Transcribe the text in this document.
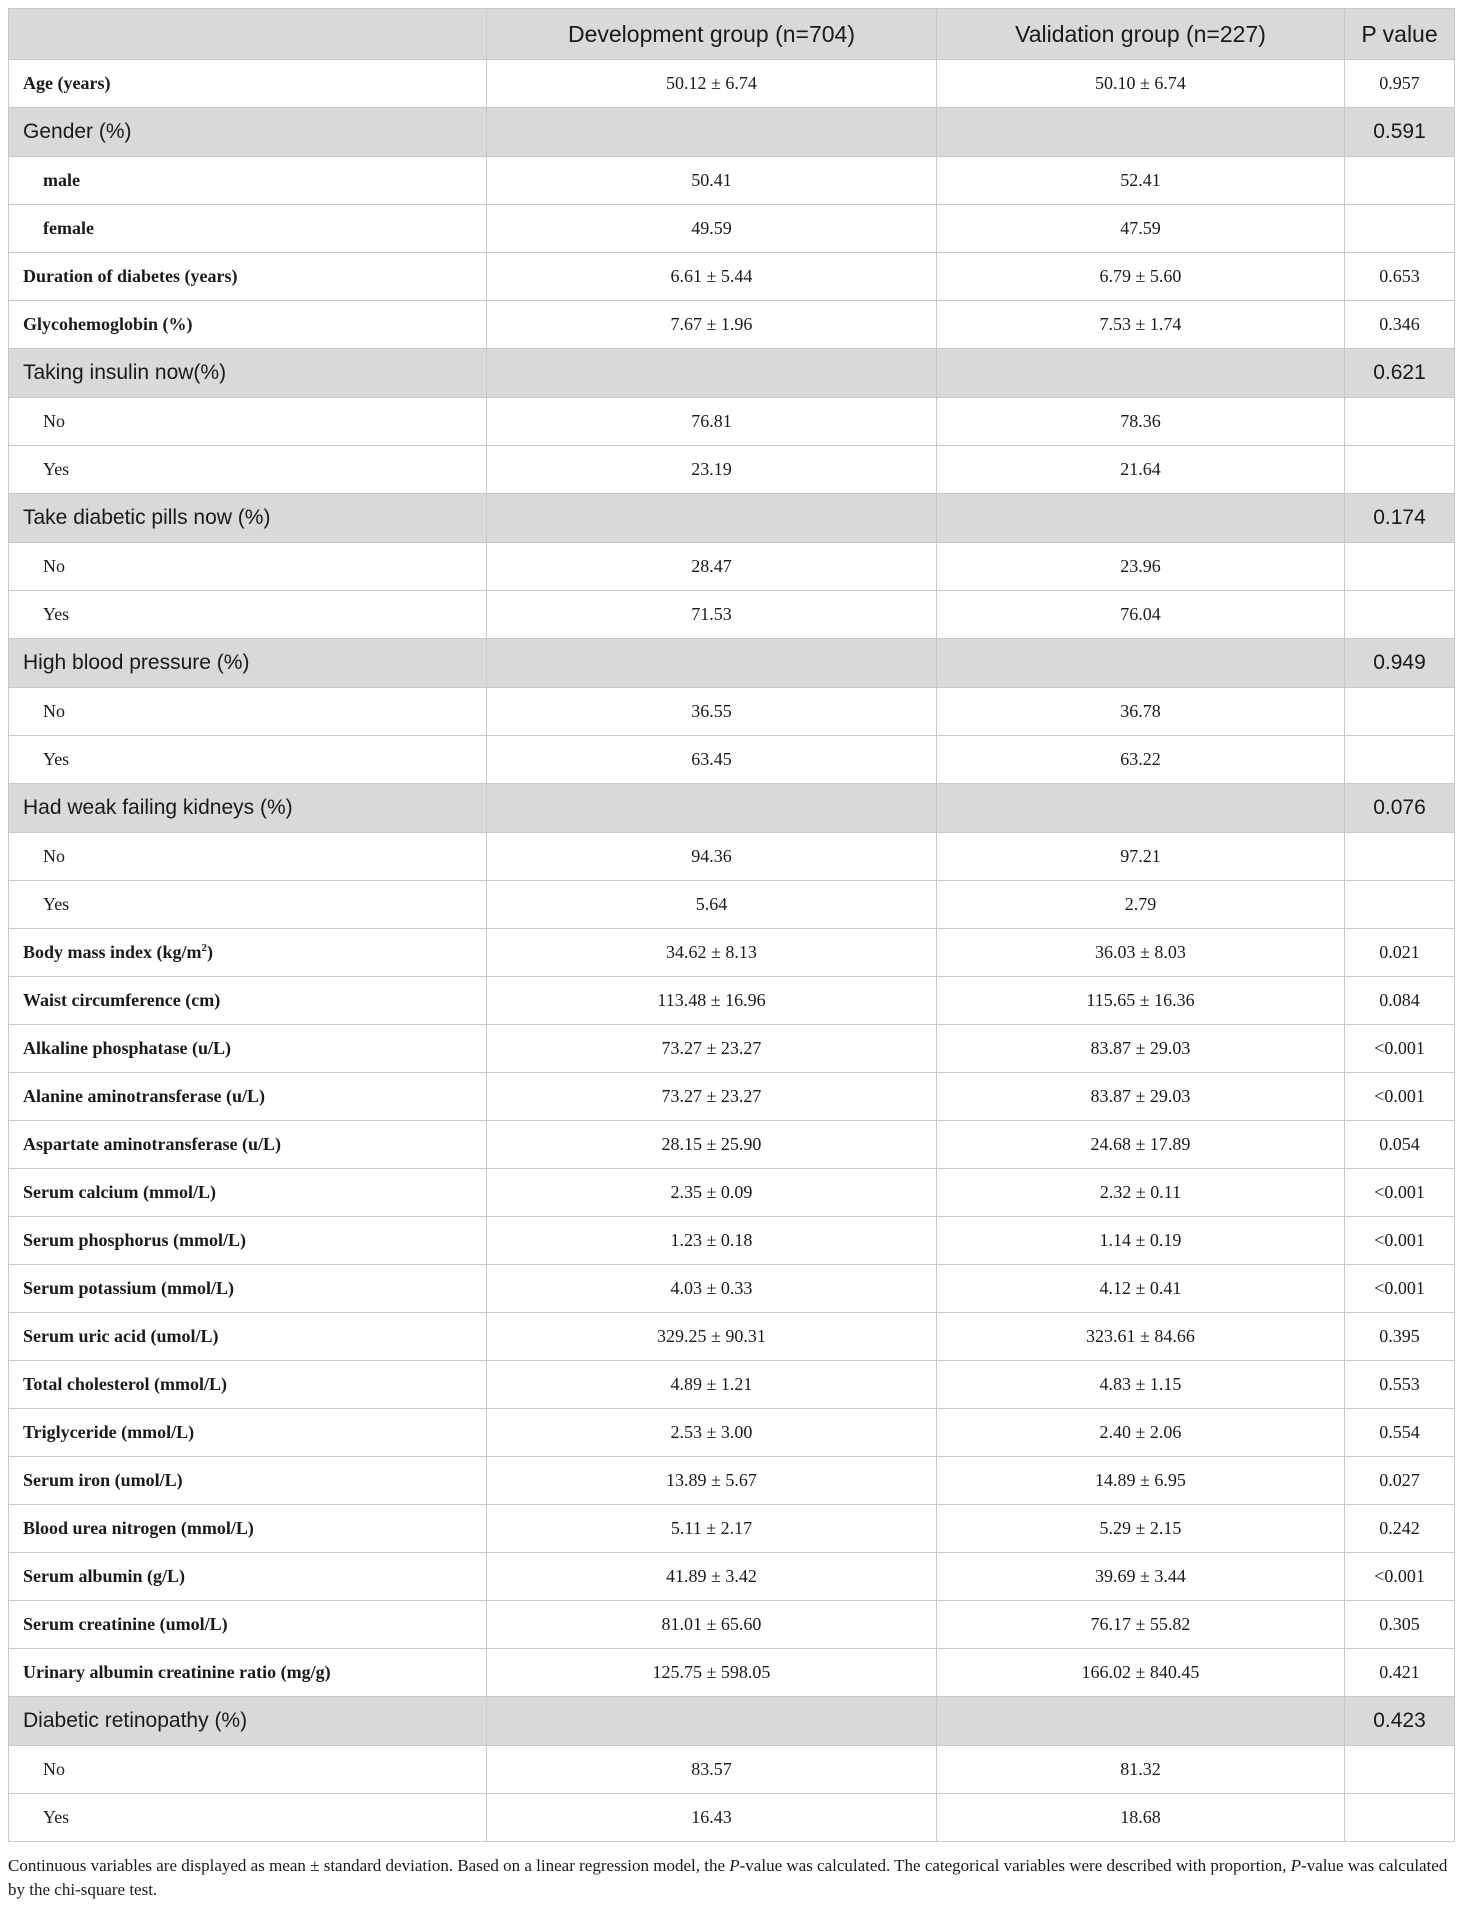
	Development group (n=704)	Validation group (n=227)	P value
Age (years)	50.12 ± 6.74	50.10 ± 6.74	0.957
Gender (%)			0.591
male	50.41	52.41	
female	49.59	47.59	
Duration of diabetes (years)	6.61 ± 5.44	6.79 ± 5.60	0.653
Glycohemoglobin (%)	7.67 ± 1.96	7.53 ± 1.74	0.346
Taking insulin now(%)			0.621
No	76.81	78.36	
Yes	23.19	21.64	
Take diabetic pills now (%)			0.174
No	28.47	23.96	
Yes	71.53	76.04	
High blood pressure (%)			0.949
No	36.55	36.78	
Yes	63.45	63.22	
Had weak failing kidneys (%)			0.076
No	94.36	97.21	
Yes	5.64	2.79	
Body mass index $(kg/m^2)$	34.62 ± 8.13	36.03 ± 8.03	0.021
Waist circumference (cm)	113.48 ± 16.96	115.65 ± 16.36	0.084
Alkaline phosphatase (u/L)	73.27 ± 23.27	83.87 ± 29.03	<0.001
Alanine aminotransferase (u/L)	73.27 ± 23.27	83.87 ± 29.03	<0.001
Aspartate aminotransferase (u/L)	28.15 ± 25.90	24.68 ± 17.89	0.054
Serum calcium (mmol/L)	2.35 ± 0.09	2.32 ± 0.11	<0.001
Serum phosphorus (mmol/L)	1.23 ± 0.18	1.14 ± 0.19	<0.001
Serum potassium (mmol/L)	4.03 ± 0.33	4.12 ± 0.41	<0.001
Serum uric acid (umol/L)	329.25 ± 90.31	323.61 ± 84.66	0.395
Total cholesterol (mmol/L)	4.89 ± 1.21	4.83 ± 1.15	0.553
Triglyceride (mmol/L)	2.53 ± 3.00	2.40 ± 2.06	0.554
Serum iron (umol/L)	13.89 ± 5.67	14.89 ± 6.95	0.027
Blood urea nitrogen (mmol/L)	5.11 ± 2.17	5.29 ± 2.15	0.242
Serum albumin (g/L)	41.89 ± 3.42	39.69 ± 3.44	<0.001
Serum creatinine (umol/L)	81.01 ± 65.60	76.17 ± 55.82	0.305
Urinary albumin creatinine ratio (mg/g)	125.75 ± 598.05	166.02 ± 840.45	0.421
Diabetic retinopathy (%)			0.423
No	83.57	81.32	
Yes	16.43	18.68	
Continuous variables are displayed as mean ± standard deviation. Based on a linear regression model, the P-value was calculated. The categorical variables were described with proportion, P-value was calculated by the chi-square test.
